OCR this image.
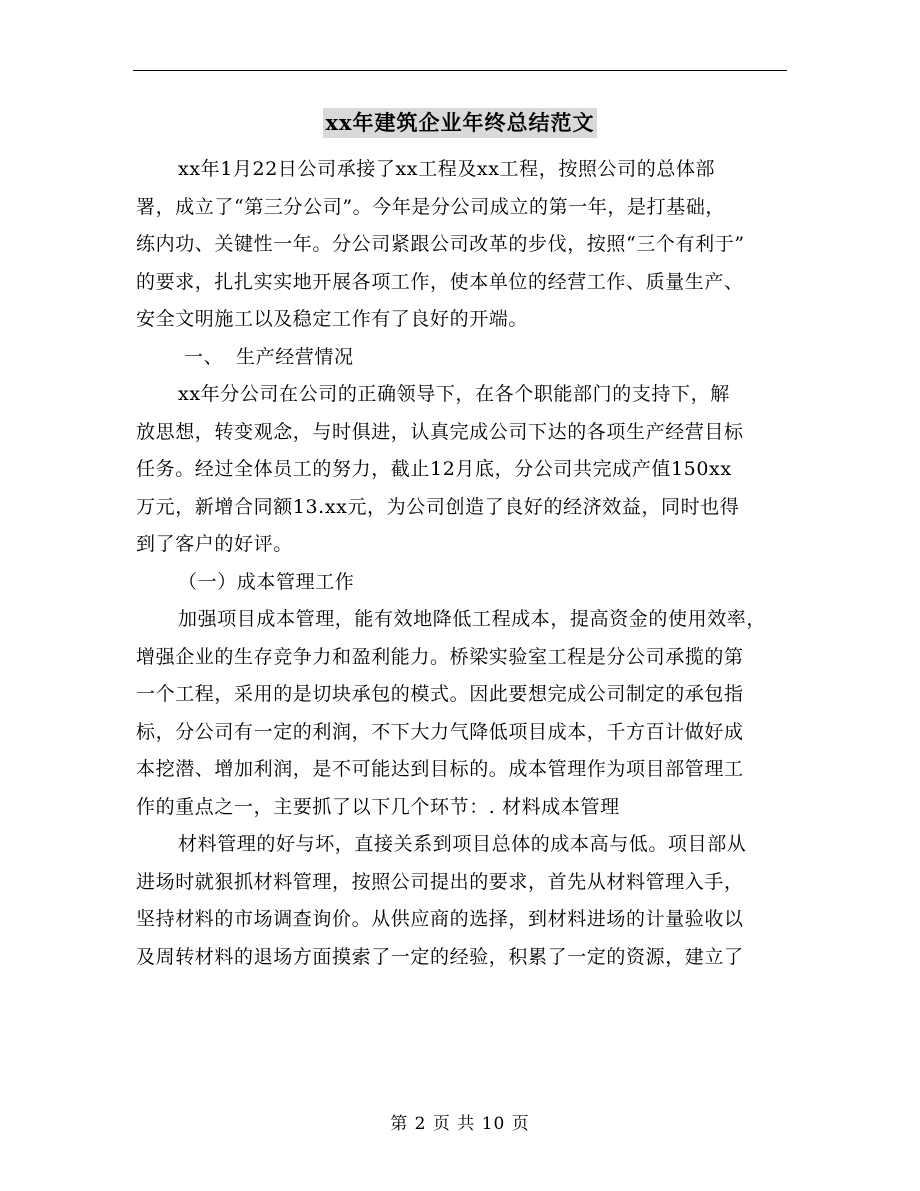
xx年建筑企业年终总结范文
xx年1月22日公司承接了xx工程及xx工程，按照公司的总体部
署，成立了“第三分公司”。今年是分公司成立的第一年，是打基础，
练内功、关键性一年。分公司紧跟公司改革的步伐，按照“三个有利于”
的要求，扎扎实实地开展各项工作，使本单位的经营工作、质量生产、
安全文明施工以及稳定工作有了良好的开端。
一、 生产经营情况
xx年分公司在公司的正确领导下，在各个职能部门的支持下，解
放思想，转变观念，与时俱进，认真完成公司下达的各项生产经营目标
任务。经过全体员工的努力，截止12月底，分公司共完成产值150xx
万元，新增合同额13.xx元，为公司创造了良好的经济效益，同时也得
到了客户的好评。
（一）成本管理工作
加强项目成本管理，能有效地降低工程成本，提高资金的使用效率，
增强企业的生存竞争力和盈利能力。桥梁实验室工程是分公司承揽的第
一个工程，采用的是切块承包的模式。因此要想完成公司制定的承包指
标，分公司有一定的利润，不下大力气降低项目成本，千方百计做好成
本挖潜、增加利润，是不可能达到目标的。成本管理作为项目部管理工
作的重点之一，主要抓了以下几个环节：. 材料成本管理
材料管理的好与坏，直接关系到项目总体的成本高与低。项目部从
进场时就狠抓材料管理，按照公司提出的要求，首先从材料管理入手，
坚持材料的市场调查询价。从供应商的选择，到材料进场的计量验收以
及周转材料的退场方面摸索了一定的经验，积累了一定的资源，建立了
第 2 页 共 10 页
